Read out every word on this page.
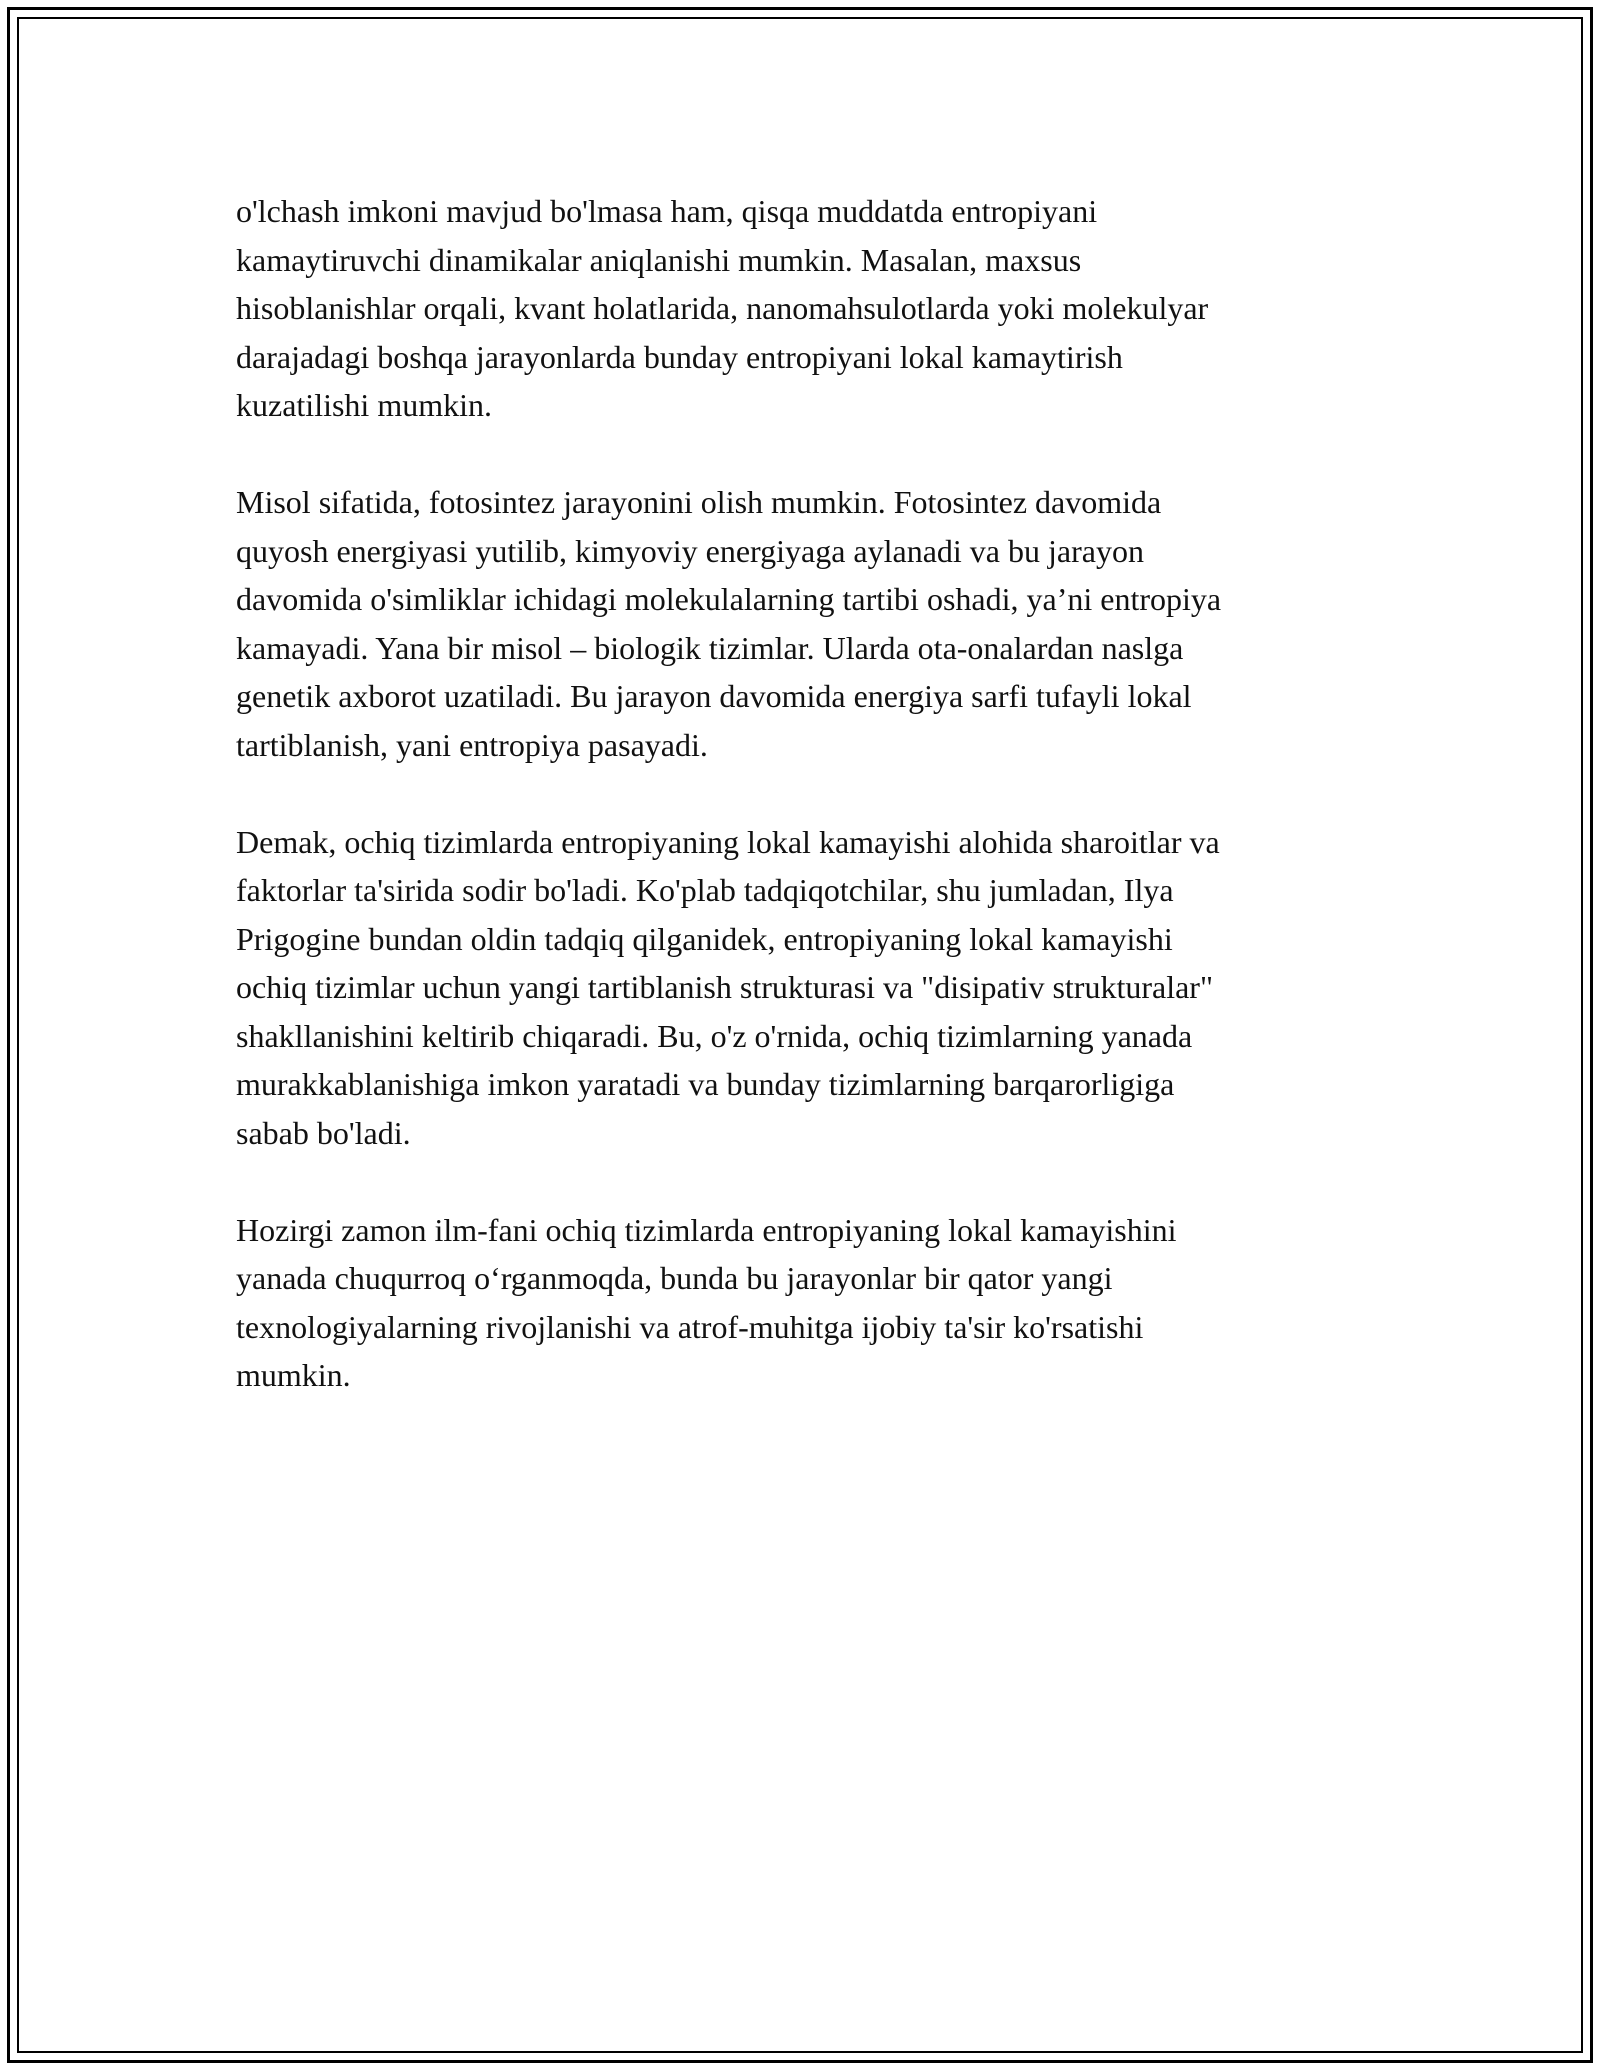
o'lchash imkoni mavjud bo'lmasa ham, qisqa muddatda entropiyani
kamaytiruvchi dinamikalar aniqlanishi mumkin. Masalan, maxsus
hisoblanishlar orqali, kvant holatlarida, nanomahsulotlarda yoki molekulyar
darajadagi boshqa jarayonlarda bunday entropiyani lokal kamaytirish
kuzatilishi mumkin.
Misol sifatida, fotosintez jarayonini olish mumkin. Fotosintez davomida
quyosh energiyasi yutilib, kimyoviy energiyaga aylanadi va bu jarayon
davomida o'simliklar ichidagi molekulalarning tartibi oshadi, ya’ni entropiya
kamayadi. Yana bir misol – biologik tizimlar. Ularda ota-onalardan naslga
genetik axborot uzatiladi. Bu jarayon davomida energiya sarfi tufayli lokal
tartiblanish, yani entropiya pasayadi.
Demak, ochiq tizimlarda entropiyaning lokal kamayishi alohida sharoitlar va
faktorlar ta'sirida sodir bo'ladi. Ko'plab tadqiqotchilar, shu jumladan, Ilya
Prigogine bundan oldin tadqiq qilganidek, entropiyaning lokal kamayishi
ochiq tizimlar uchun yangi tartiblanish strukturasi va "disipativ strukturalar"
shakllanishini keltirib chiqaradi. Bu, o'z o'rnida, ochiq tizimlarning yanada
murakkablanishiga imkon yaratadi va bunday tizimlarning barqarorligiga
sabab bo'ladi.
Hozirgi zamon ilm-fani ochiq tizimlarda entropiyaning lokal kamayishini
yanada chuqurroq o‘rganmoqda, bunda bu jarayonlar bir qator yangi
texnologiyalarning rivojlanishi va atrof-muhitga ijobiy ta'sir ko'rsatishi
mumkin.
